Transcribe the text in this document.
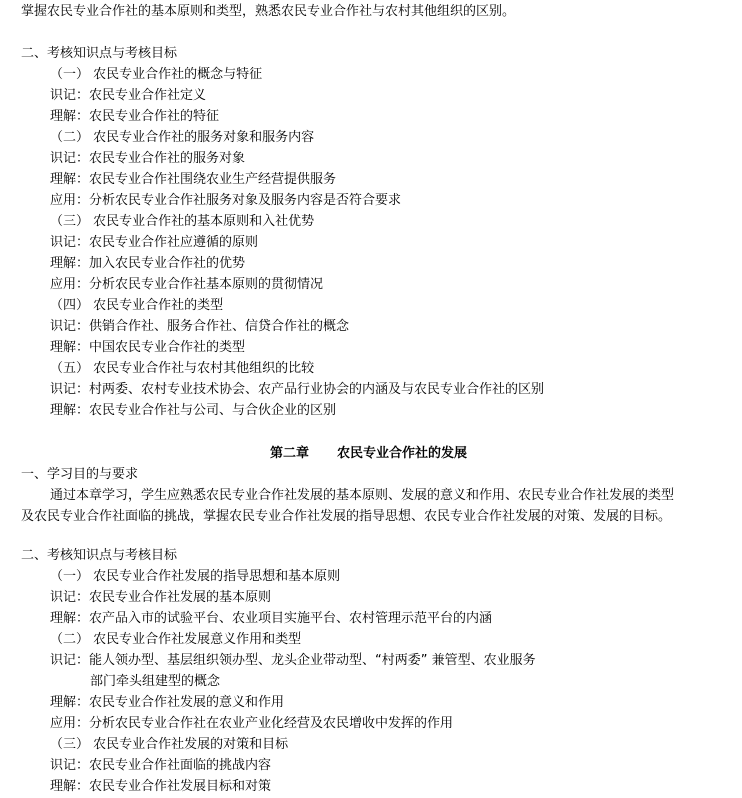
掌握农民专业合作社的基本原则和类型，熟悉农民专业合作社与农村其他组织的区别。
二、考核知识点与考核目标
（一） 农民专业合作社的概念与特征
识记：农民专业合作社定义
理解：农民专业合作社的特征
（二） 农民专业合作社的服务对象和服务内容
识记：农民专业合作社的服务对象
理解：农民专业合作社围绕农业生产经营提供服务
应用：分析农民专业合作社服务对象及服务内容是否符合要求
（三） 农民专业合作社的基本原则和入社优势
识记：农民专业合作社应遵循的原则
理解：加入农民专业合作社的优势
应用：分析农民专业合作社基本原则的贯彻情况
（四） 农民专业合作社的类型
识记：供销合作社、服务合作社、信贷合作社的概念
理解：中国农民专业合作社的类型
（五） 农民专业合作社与农村其他组织的比较
识记：村两委、农村专业技术协会、农产品行业协会的内涵及与农民专业合作社的区别
理解：农民专业合作社与公司、与合伙企业的区别
第二章 农民专业合作社的发展
一、学习目的与要求
通过本章学习，学生应熟悉农民专业合作社发展的基本原则、发展的意义和作用、农民专业合作社发展的类型
及农民专业合作社面临的挑战，掌握农民专业合作社发展的指导思想、农民专业合作社发展的对策、发展的目标。
二、考核知识点与考核目标
（一） 农民专业合作社发展的指导思想和基本原则
识记：农民专业合作社发展的基本原则
理解：农产品入市的试验平台、农业项目实施平台、农村管理示范平台的内涵
（二） 农民专业合作社发展意义作用和类型
识记：能人领办型、基层组织领办型、龙头企业带动型、“村两委” 兼管型、农业服务
部门牵头组建型的概念
理解：农民专业合作社发展的意义和作用
应用：分析农民专业合作社在农业产业化经营及农民增收中发挥的作用
（三） 农民专业合作社发展的对策和目标
识记：农民专业合作社面临的挑战内容
理解：农民专业合作社发展目标和对策
